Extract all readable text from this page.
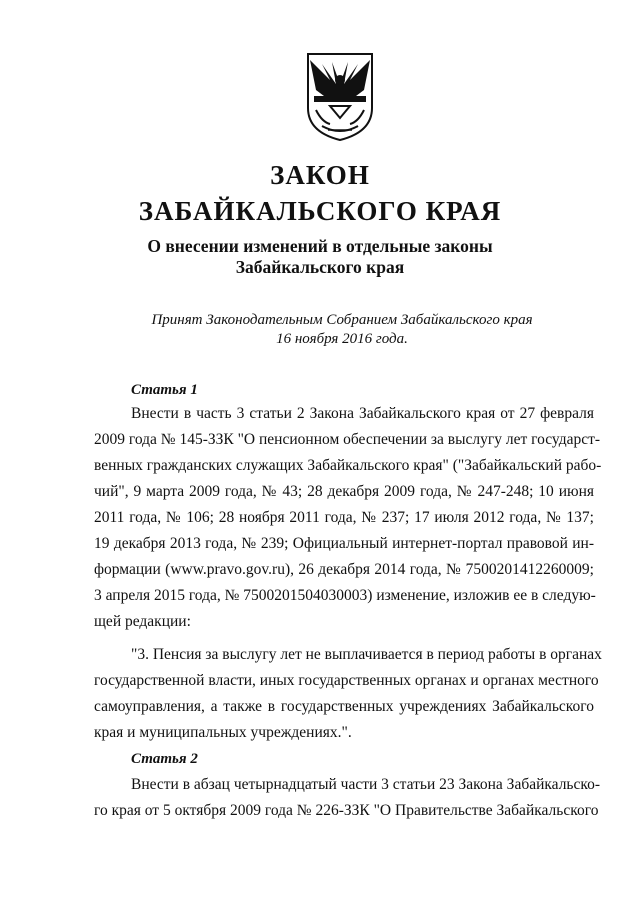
ЗАКОН
ЗАБАЙКАЛЬСКОГО КРАЯ
О внесении изменений в отдельные законы
Забайкальского края
Принят Законодательным Собранием Забайкальского края
16 ноября 2016 года.
Статья 1
Внести в часть 3 статьи 2 Закона Забайкальского края от 27 февраля
2009 года № 145-ЗЗК "О пенсионном обеспечении за выслугу лет государст-
венных гражданских служащих Забайкальского края" ("Забайкальский рабо-
чий", 9 марта 2009 года, № 43; 28 декабря 2009 года, № 247-248; 10 июня
2011 года, № 106; 28 ноября 2011 года, № 237; 17 июля 2012 года, № 137;
19 декабря 2013 года, № 239; Официальный интернет-портал правовой ин-
формации (www.pravo.gov.ru), 26 декабря 2014 года, № 7500201412260009;
3 апреля 2015 года, № 7500201504030003) изменение, изложив ее в следую-
щей редакции:
"3. Пенсия за выслугу лет не выплачивается в период работы в органах
государственной власти, иных государственных органах и органах местного
самоуправления, а также в государственных учреждениях Забайкальского
края и муниципальных учреждениях.".
Статья 2
Внести в абзац четырнадцатый части 3 статьи 23 Закона Забайкальско-
го края от 5 октября 2009 года № 226-ЗЗК "О Правительстве Забайкальского
